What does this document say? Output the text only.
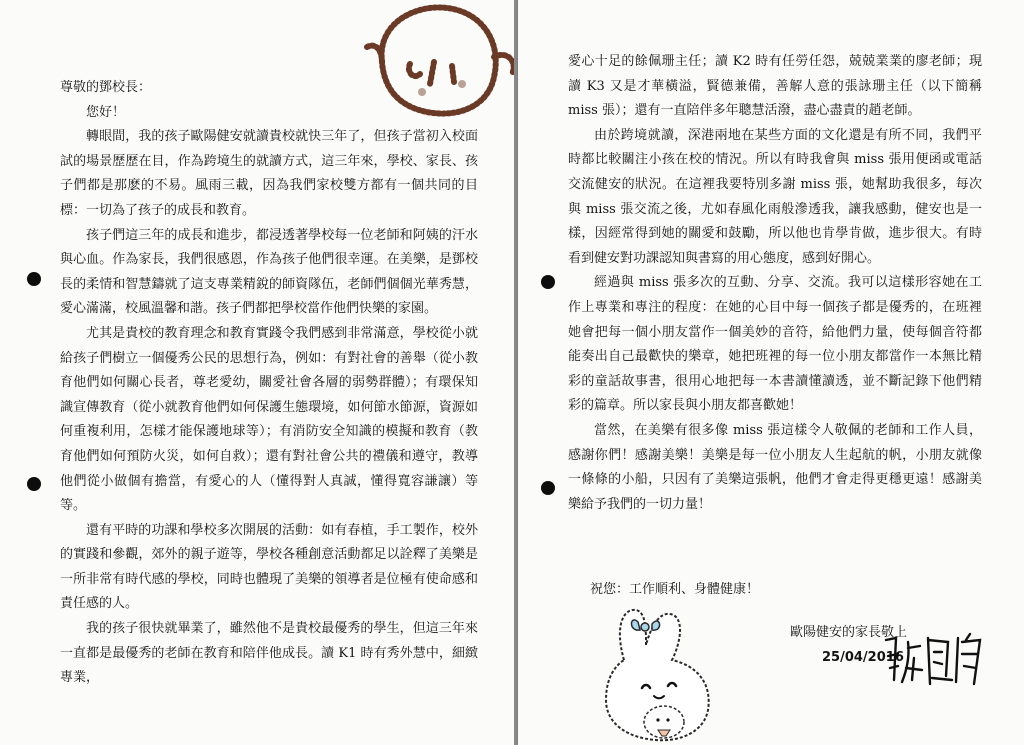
尊敬的鄧校長：

您好！

轉眼間，我的孩子歐陽健安就讀貴校就快三年了，但孩子當初入校面試的場景歷歷在目，作為跨境生的就讀方式，這三年來，學校、家長、孩子們都是那麽的不易。風雨三載，因為我們家校雙方都有一個共同的目標：一切為了孩子的成長和教育。

孩子們這三年的成長和進步，都浸透著學校每一位老師和阿姨的汗水與心血。作為家長，我們很感恩，作為孩子他們很幸運。在美樂，是鄧校長的柔情和智慧鑄就了這支專業精銳的師資隊伍，老師們個個光華秀慧，愛心滿滿，校風溫馨和諧。孩子們都把學校當作他們快樂的家園。

尤其是貴校的教育理念和教育實踐令我們感到非常滿意，學校從小就給孩子們樹立一個優秀公民的思想行為，例如：有對社會的善舉（從小教育他們如何關心長者，尊老愛幼，關愛社會各層的弱勢群體）；有環保知識宣傳教育（從小就教育他們如何保護生態環境，如何節水節源，資源如何重複利用，怎樣才能保護地球等）；有消防安全知識的模擬和教育（教育他們如何預防火災，如何自救）；還有對社會公共的禮儀和遵守，教導他們從小做個有擔當，有愛心的人（懂得對人真誠，懂得寬容謙讓）等等。

還有平時的功課和學校多次開展的活動：如有春植，手工製作，校外的實踐和參觀，郊外的親子遊等，學校各種創意活動都足以詮釋了美樂是一所非常有時代感的學校，同時也體現了美樂的領導者是位極有使命感和責任感的人。

我的孩子很快就畢業了，雖然他不是貴校最優秀的學生，但這三年來一直都是最優秀的老師在教育和陪伴他成長。讀 K1 時有秀外慧中，細緻專業，

愛心十足的餘佩珊主任；讀 K2 時有任勞任怨，兢兢業業的廖老師；現讀 K3 又是才華橫溢，賢德兼備，善解人意的張詠珊主任（以下簡稱 miss 張）；還有一直陪伴多年聰慧活潑，盡心盡責的趙老師。

由於跨境就讀，深港兩地在某些方面的文化還是有所不同，我們平時都比較關注小孩在校的情況。所以有時我會與 miss 張用便函或電話交流健安的狀況。在這裡我要特別多謝 miss 張，她幫助我很多，每次與 miss 張交流之後，尤如春風化雨般滲透我，讓我感動，健安也是一樣，因經常得到她的關愛和鼓勵，所以他也肯學肯做，進步很大。有時看到健安對功課認知與書寫的用心態度，感到好開心。

經過與 miss 張多次的互動、分享、交流。我可以這樣形容她在工作上專業和專注的程度：在她的心目中每一個孩子都是優秀的，在班裡她會把每一個小朋友當作一個美妙的音符，給他們力量，使每個音符都能奏出自己最歡快的樂章，她把班裡的每一位小朋友都當作一本無比精彩的童話故事書，很用心地把每一本書讀懂讀透，並不斷記錄下他們精彩的篇章。所以家長與小朋友都喜歡她！

當然，在美樂有很多像 miss 張這樣令人敬佩的老師和工作人員，感謝你們！感謝美樂！美樂是每一位小朋友人生起航的帆，小朋友就像一條條的小船，只因有了美樂這張帆，他們才會走得更穩更遠！感謝美樂給予我們的一切力量！

祝您：工作順利、身體健康！
歐陽健安的家長敬上
25/04/2016
